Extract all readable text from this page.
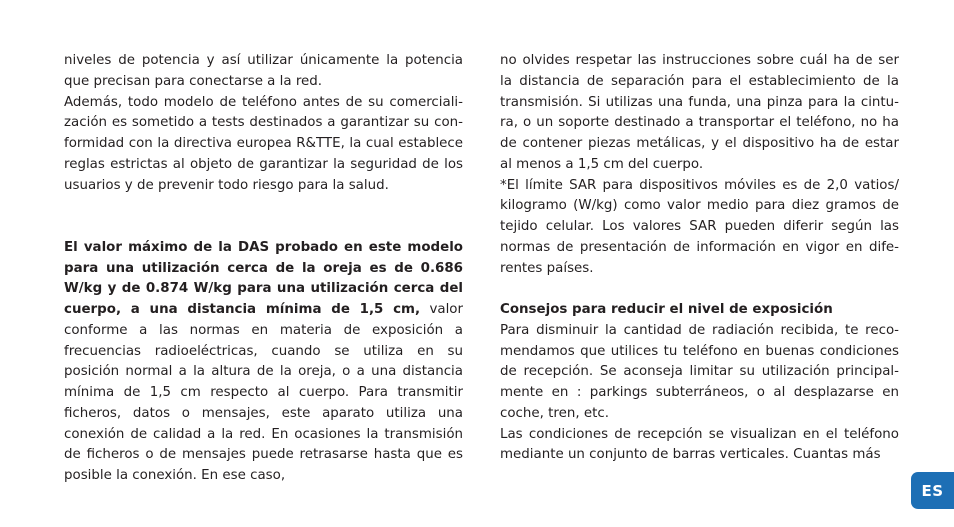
niveles de potencia y así utilizar únicamente la potencia que precisan para conectarse a la red.

Además, todo modelo de teléfono antes de su comercialización es sometido a tests destinados a garantizar su conformidad con la directiva europea R&TTE, la cual establece reglas estrictas al objeto de garantizar la seguridad de los usuarios y de prevenir todo riesgo para la salud.

El valor máximo de la DAS probado en este modelo para una utilización cerca de la oreja es de 0.686 W/kg y de 0.874 W/kg para una utilización cerca del cuerpo, a una distancia mínima de 1,5 cm, valor conforme a las normas en materia de exposición a frecuencias radioeléctricas, cuando se utiliza en su posición normal a la altura de la oreja, o a una distancia mínima de 1,5 cm respecto al cuerpo. Para transmitir ficheros, datos o mensajes, este aparato utiliza una conexión de calidad a la red. En ocasiones la transmisión de ficheros o de mensajes puede retrasarse hasta que es posible la conexión. En ese caso,

no olvides respetar las instrucciones sobre cuál ha de ser la distancia de separación para el establecimiento de la transmisión. Si utilizas una funda, una pinza para la cintura, o un soporte destinado a transportar el teléfono, no ha de contener piezas metálicas, y el dispositivo ha de estar al menos a 1,5 cm del cuerpo.

*El límite SAR para dispositivos móviles es de 2,0 vatios/ kilogramo (W/kg) como valor medio para diez gramos de tejido celular. Los valores SAR pueden diferir según las normas de presentación de información en vigor en diferentes países.

Consejos para reducir el nivel de exposición

Para disminuir la cantidad de radiación recibida, te recomendamos que utilices tu teléfono en buenas condiciones de recepción. Se aconseja limitar su utilización principalmente en : parkings subterráneos, o al desplazarse en coche, tren, etc.

Las condiciones de recepción se visualizan en el teléfono mediante un conjunto de barras verticales. Cuantas más

ES
